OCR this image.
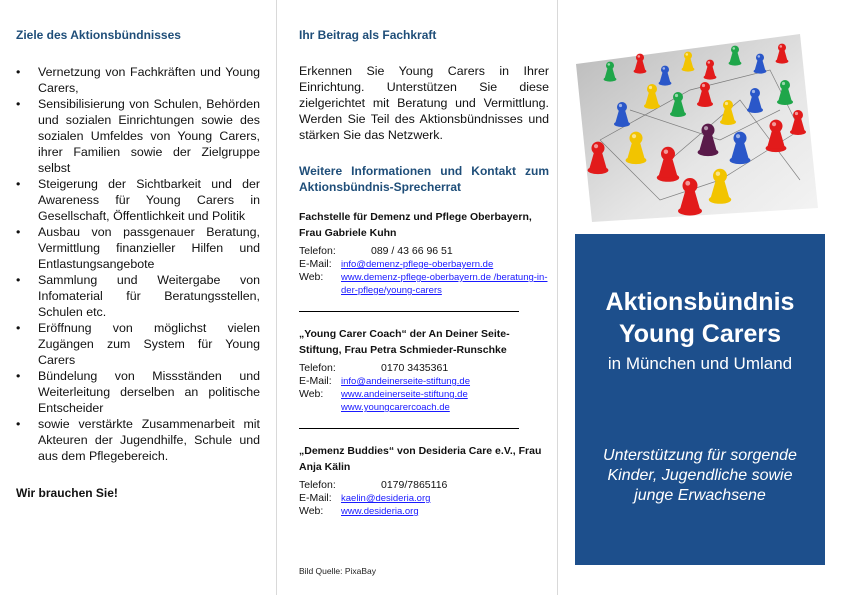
Ziele des Aktionsbündnisses
• Vernetzung von Fachkräften und Young Carers,
• Sensibilisierung von Schulen, Behörden und sozialen Einrichtungen sowie des sozialen Umfeldes von Young Carers, ihrer Familien sowie der Zielgruppe selbst
• Steigerung der Sichtbarkeit und der Awareness für Young Carers in Gesellschaft, Öffentlichkeit und Politik
• Ausbau von passgenauer Beratung, Vermittlung finanzieller Hilfen und Entlastungsangebote
• Sammlung und Weitergabe von Infomaterial für Beratungsstellen, Schulen etc.
• Eröffnung von möglichst vielen Zugängen zum System für Young Carers
• Bündelung von Missständen und Weiterleitung derselben an politische Entscheider
• sowie verstärkte Zusammenarbeit mit Akteuren der Jugendhilfe, Schule und aus dem Pflegebereich.
Wir brauchen Sie!
Ihr Beitrag als Fachkraft
Erkennen Sie Young Carers in Ihrer Einrichtung. Unterstützen Sie diese zielgerichtet mit Beratung und Vermittlung. Werden Sie Teil des Aktionsbündnisses und stärken Sie das Netzwerk.
Weitere Informationen und Kontakt zum Aktionsbündnis-Sprecherrat
Fachstelle für Demenz und Pflege Oberbayern, Frau Gabriele Kuhn
Telefon:	089 / 43 66 96 51
E-Mail: info@demenz-pflege-oberbayern.de
Web:	www.demenz-pflege-oberbayern.de /beratung-in-der-pflege/young-carers
„Young Carer Coach“ der An Deiner Seite-Stiftung, Frau Petra Schmieder-Runschke
Telefon:	0170 3435361
E-Mail: info@andeinerseite-stiftung.de
Web:	www.andeinerseite-stiftung.de
www.youngcarercoach.de
„Demenz Buddies“ von Desideria Care e.V., Frau Anja Kälin
Telefon:	0179/7865116
E-Mail: kaelin@desideria.org
Web:	www.desideria.org
Bild Quelle: PixaBay
Aktionsbündnis
Young Carers
in München und Umland
Unterstützung für sorgende Kinder, Jugendliche sowie junge Erwachsene
